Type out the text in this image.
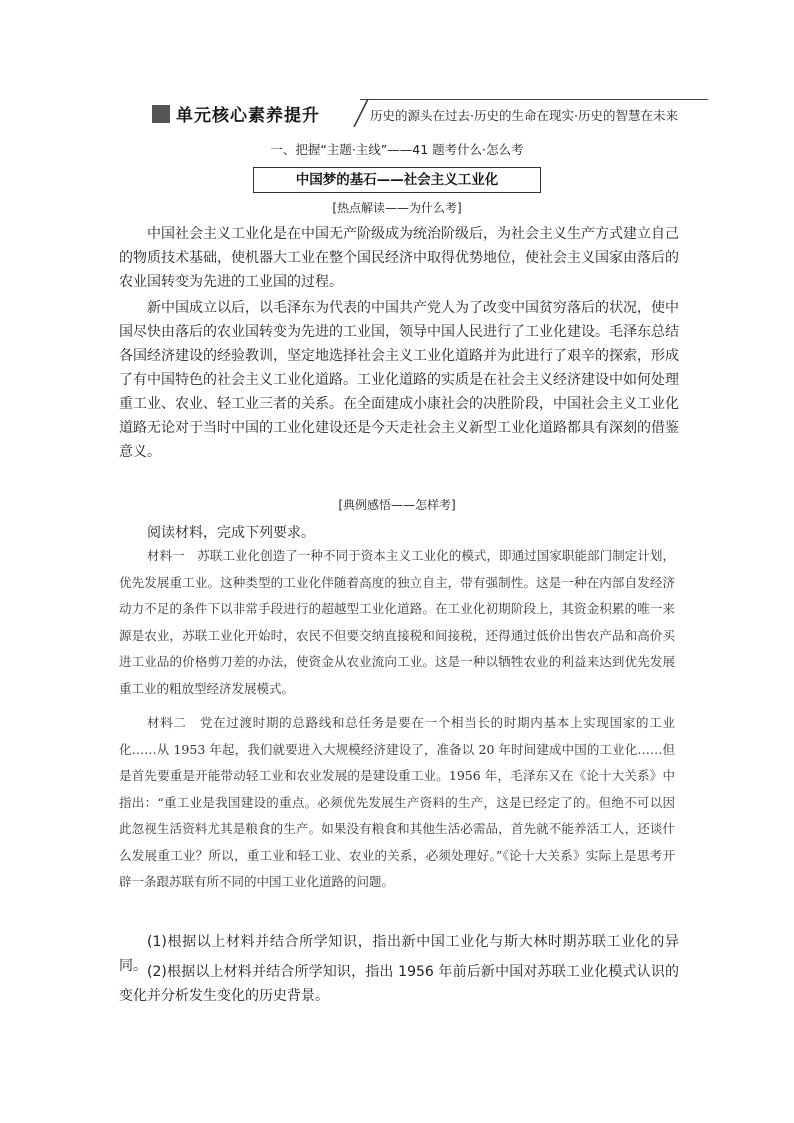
单元核心素养提升	历史的源头在过去·历史的生命在现实·历史的智慧在未来
一、把握“主题·主线”——41 题考什么·怎么考
中国梦的基石——社会主义工业化
[热点解读——为什么考]

中国社会主义工业化是在中国无产阶级成为统治阶级后，为社会主义生产方式建立自己的物质技术基础，使机器大工业在整个国民经济中取得优势地位，使社会主义国家由落后的农业国转变为先进的工业国的过程。

新中国成立以后，以毛泽东为代表的中国共产党人为了改变中国贫穷落后的状况，使中国尽快由落后的农业国转变为先进的工业国，领导中国人民进行了工业化建设。毛泽东总结各国经济建设的经验教训，坚定地选择社会主义工业化道路并为此进行了艰辛的探索，形成了有中国特色的社会主义工业化道路。工业化道路的实质是在社会主义经济建设中如何处理重工业、农业、轻工业三者的关系。在全面建成小康社会的决胜阶段，中国社会主义工业化道路无论对于当时中国的工业化建设还是今天走社会主义新型工业化道路都具有深刻的借鉴意义。

[典例感悟——怎样考]
阅读材料，完成下列要求。

材料一　苏联工业化创造了一种不同于资本主义工业化的模式，即通过国家职能部门制定计划，优先发展重工业。这种类型的工业化伴随着高度的独立自主，带有强制性。这是一种在内部自发经济动力不足的条件下以非常手段进行的超越型工业化道路。在工业化初期阶段上，其资金积累的唯一来源是农业，苏联工业化开始时，农民不但要交纳直接税和间接税，还得通过低价出售农产品和高价买进工业品的价格剪刀差的办法，使资金从农业流向工业。这是一种以牺牲农业的利益来达到优先发展重工业的粗放型经济发展模式。

材料二　党在过渡时期的总路线和总任务是要在一个相当长的时期内基本上实现国家的工业化……从 1953 年起，我们就要进入大规模经济建设了，准备以 20 年时间建成中国的工业化……但是首先要重是开能带动轻工业和农业发展的是建设重工业。1956 年，毛泽东又在《论十大关系》中指出：“重工业是我国建设的重点。必须优先发展生产资料的生产，这是已经定了的。但绝不可以因此忽视生活资料尤其是粮食的生产。如果没有粮食和其他生活必需品，首先就不能养活工人，还谈什么发展重工业？所以，重工业和轻工业、农业的关系，必须处理好。”《论十大关系》实际上是思考开辟一条跟苏联有所不同的中国工业化道路的问题。

(1)根据以上材料并结合所学知识，指出新中国工业化与斯大林时期苏联工业化的异同。 (2)根据以上材料并结合所学知识，指出 1956 年前后新中国对苏联工业化模式认识的变化并分析发生变化的历史背景。
